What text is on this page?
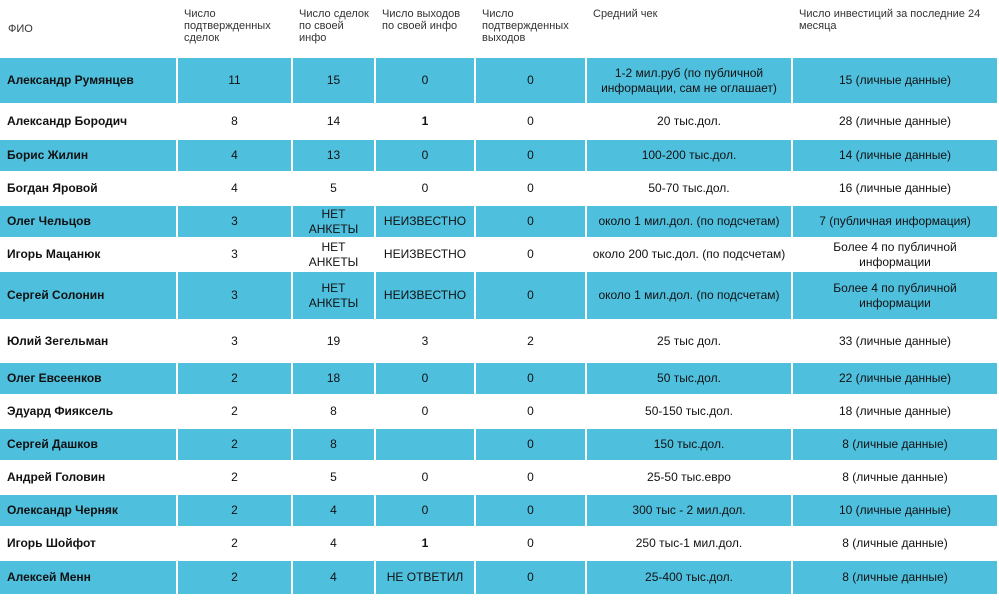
ФИО	Число подтвержденных сделок	Число сделок по своей инфо	Число выходов по своей инфо	Число подтвержденных выходов	Средний чек	Число инвестиций за последние 24 месяца
Александр Румянцев	11	15	0	0	1-2 мил.руб (по публичной информации, сам не оглашает)	15 (личные данные)
Александр Бородич	8	14	1	0	20 тыс.дол.	28 (личные данные)
Борис Жилин	4	13	0	0	100-200 тыс.дол.	14 (личные данные)
Богдан Яровой	4	5	0	0	50-70 тыс.дол.	16 (личные данные)
Олег Чельцов	3	НЕТ АНКЕТЫ	НЕИЗВЕСТНО	0	около 1 мил.дол. (по подсчетам)	7 (публичная информация)
Игорь Мацанюк	3	НЕТ АНКЕТЫ	НЕИЗВЕСТНО	0	около 200 тыс.дол. (по подсчетам)	Более 4 по публичной информации
Сергей Солонин	3	НЕТ АНКЕТЫ	НЕИЗВЕСТНО	0	около 1 мил.дол. (по подсчетам)	Более 4 по публичной информации
Юлий Зегельман	3	19	3	2	25 тыс дол.	33 (личные данные)
Олег Евсеенков	2	18	0	0	50 тыс.дол.	22 (личные данные)
Эдуард Фияксель	2	8	0	0	50-150 тыс.дол.	18 (личные данные)
Сергей Дашков	2	8		0	150 тыс.дол.	8 (личные данные)
Андрей Головин	2	5	0	0	25-50 тыс.евро	8 (личные данные)
Олександр Черняк	2	4	0	0	300 тыс - 2 мил.дол.	10 (личные данные)
Игорь Шойфот	2	4	1	0	250 тыс-1 мил.дол.	8 (личные данные)
Алексей Менн	2	4	НЕ ОТВЕТИЛ	0	25-400 тыс.дол.	8 (личные данные)
